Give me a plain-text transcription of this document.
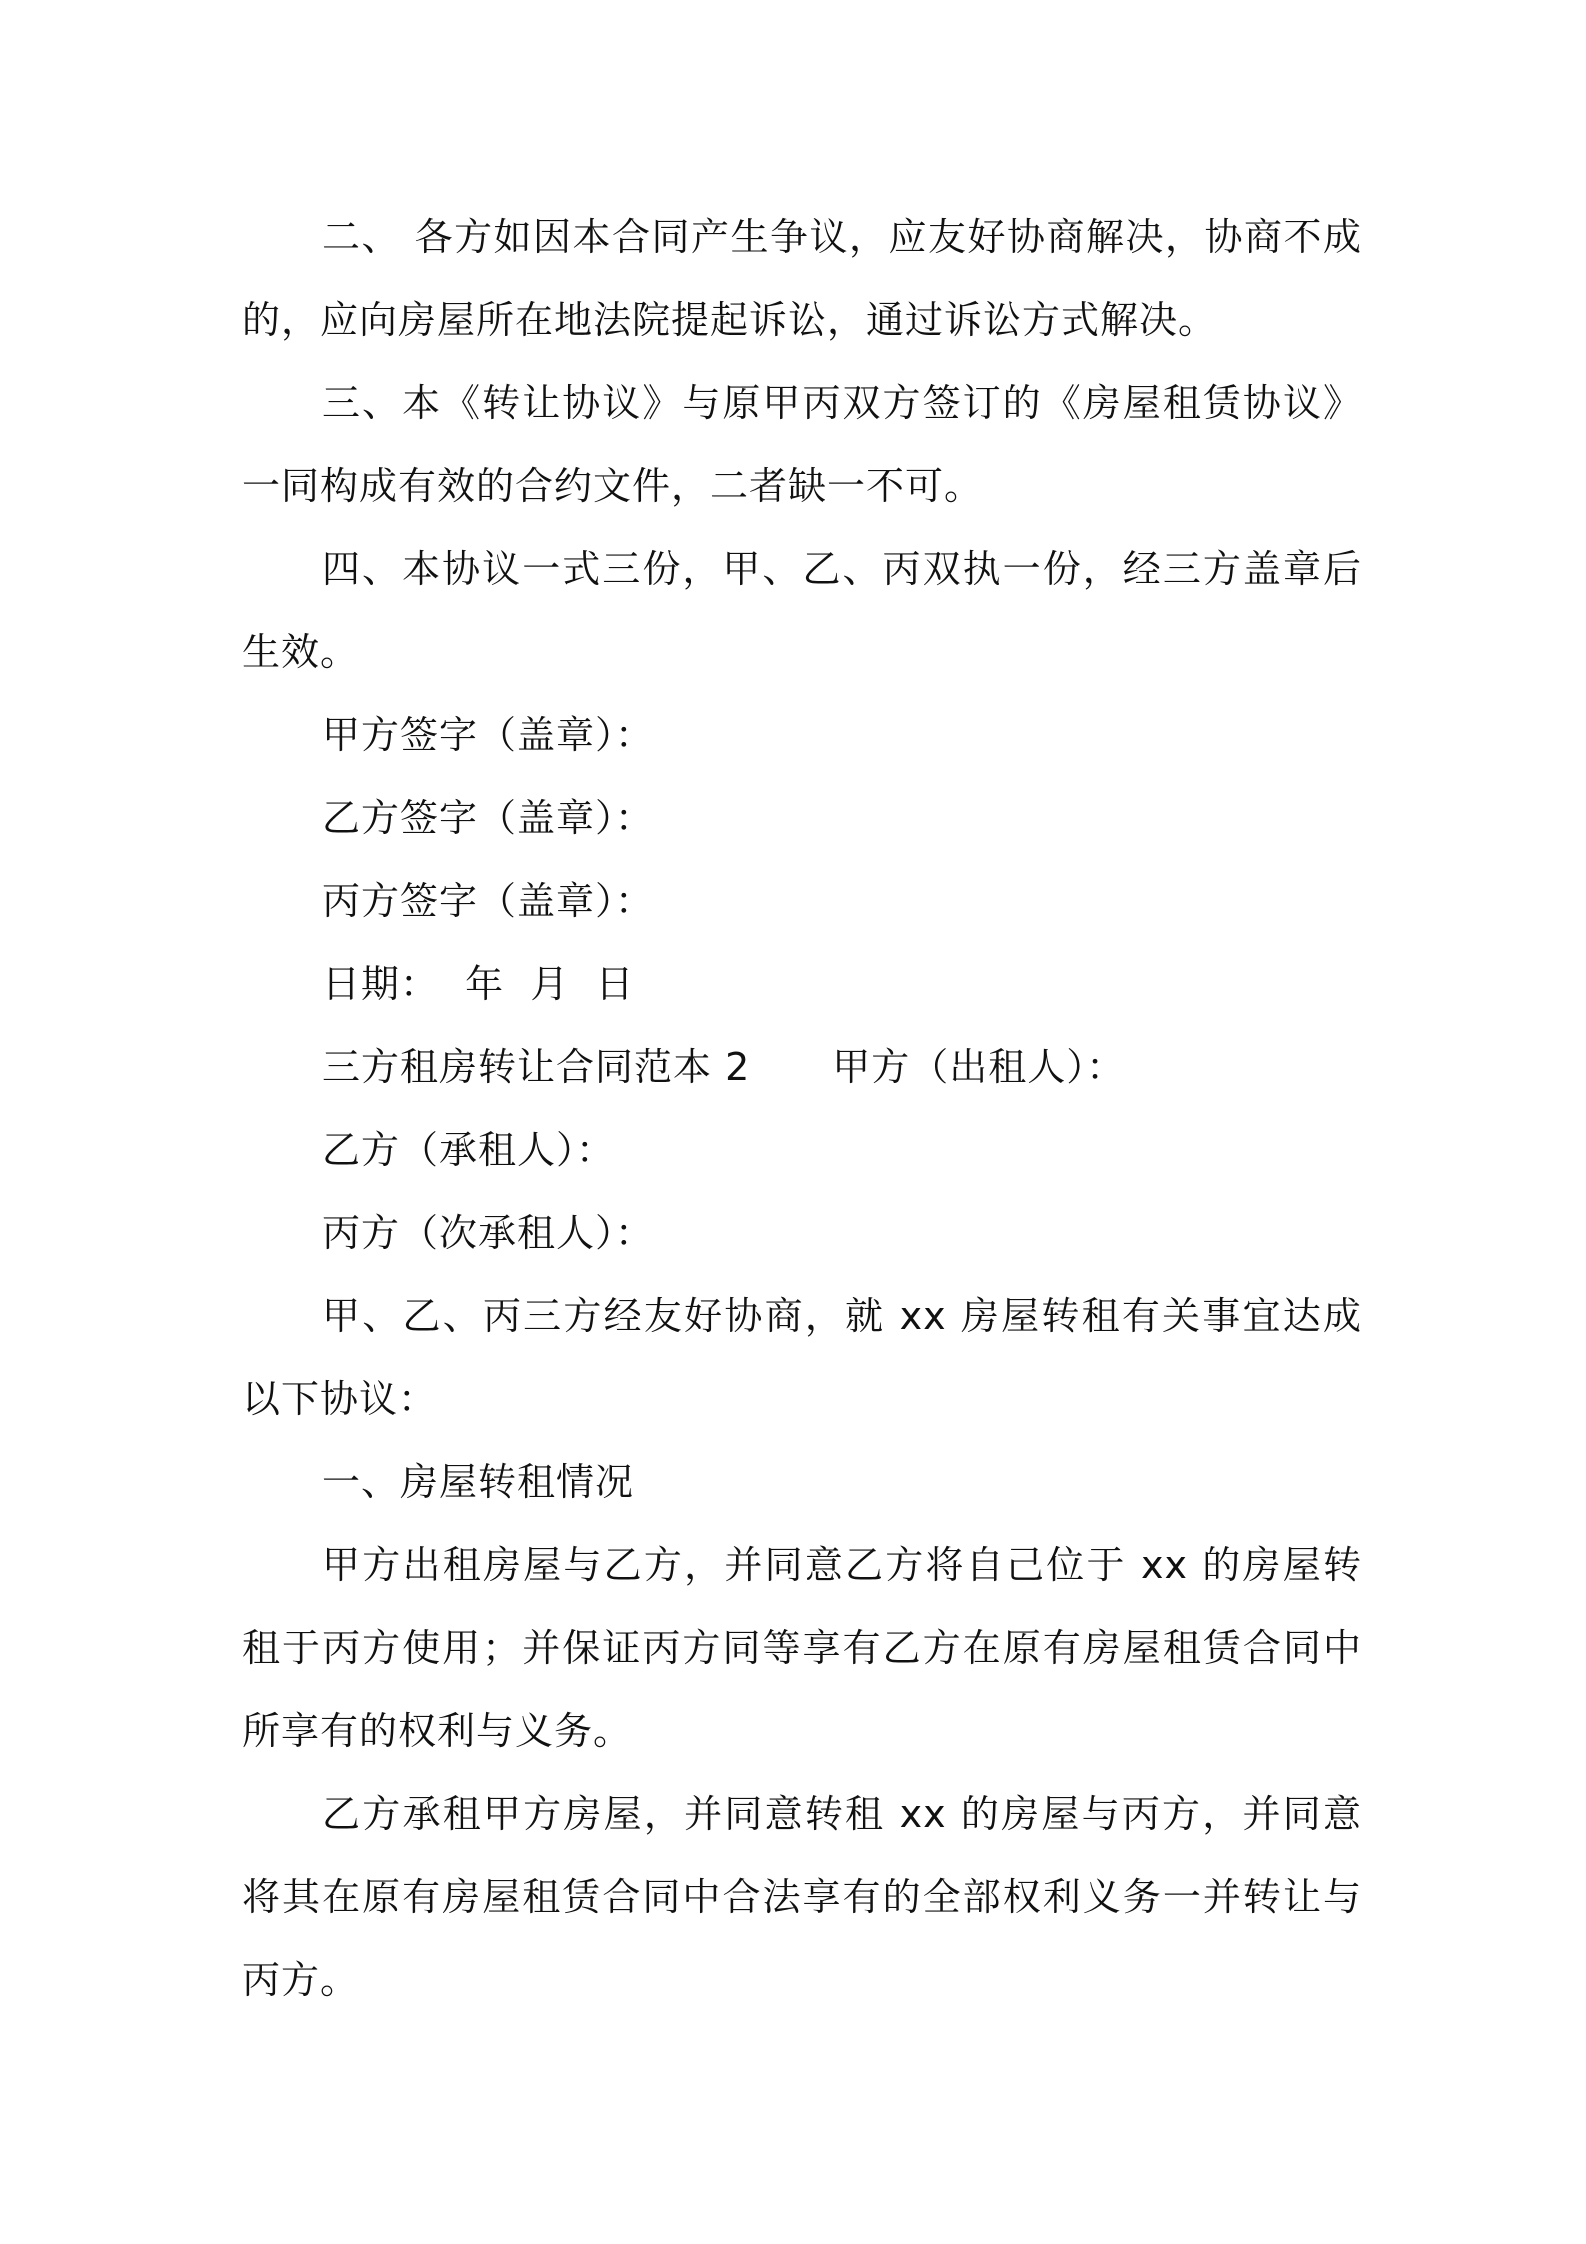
二、 各方如因本合同产生争议，应友好协商解决，协商不成的，应向房屋所在地法院提起诉讼，通过诉讼方式解决。

三、本《转让协议》与原甲丙双方签订的《房屋租赁协议》一同构成有效的合约文件，二者缺一不可。

四、本协议一式三份，甲、乙、丙双执一份，经三方盖章后生效。

甲方签字（盖章）：

乙方签字（盖章）：

丙方签字（盖章）：

日期：  年  月  日

三方租房转让合同范本 2 甲方（出租人）：

乙方（承租人）：

丙方（次承租人）：

甲、乙、丙三方经友好协商，就 xx 房屋转租有关事宜达成以下协议：

一、房屋转租情况

甲方出租房屋与乙方，并同意乙方将自己位于 xx 的房屋转租于丙方使用；并保证丙方同等享有乙方在原有房屋租赁合同中所享有的权利与义务。

乙方承租甲方房屋，并同意转租 xx 的房屋与丙方，并同意将其在原有房屋租赁合同中合法享有的全部权利义务一并转让与丙方。
